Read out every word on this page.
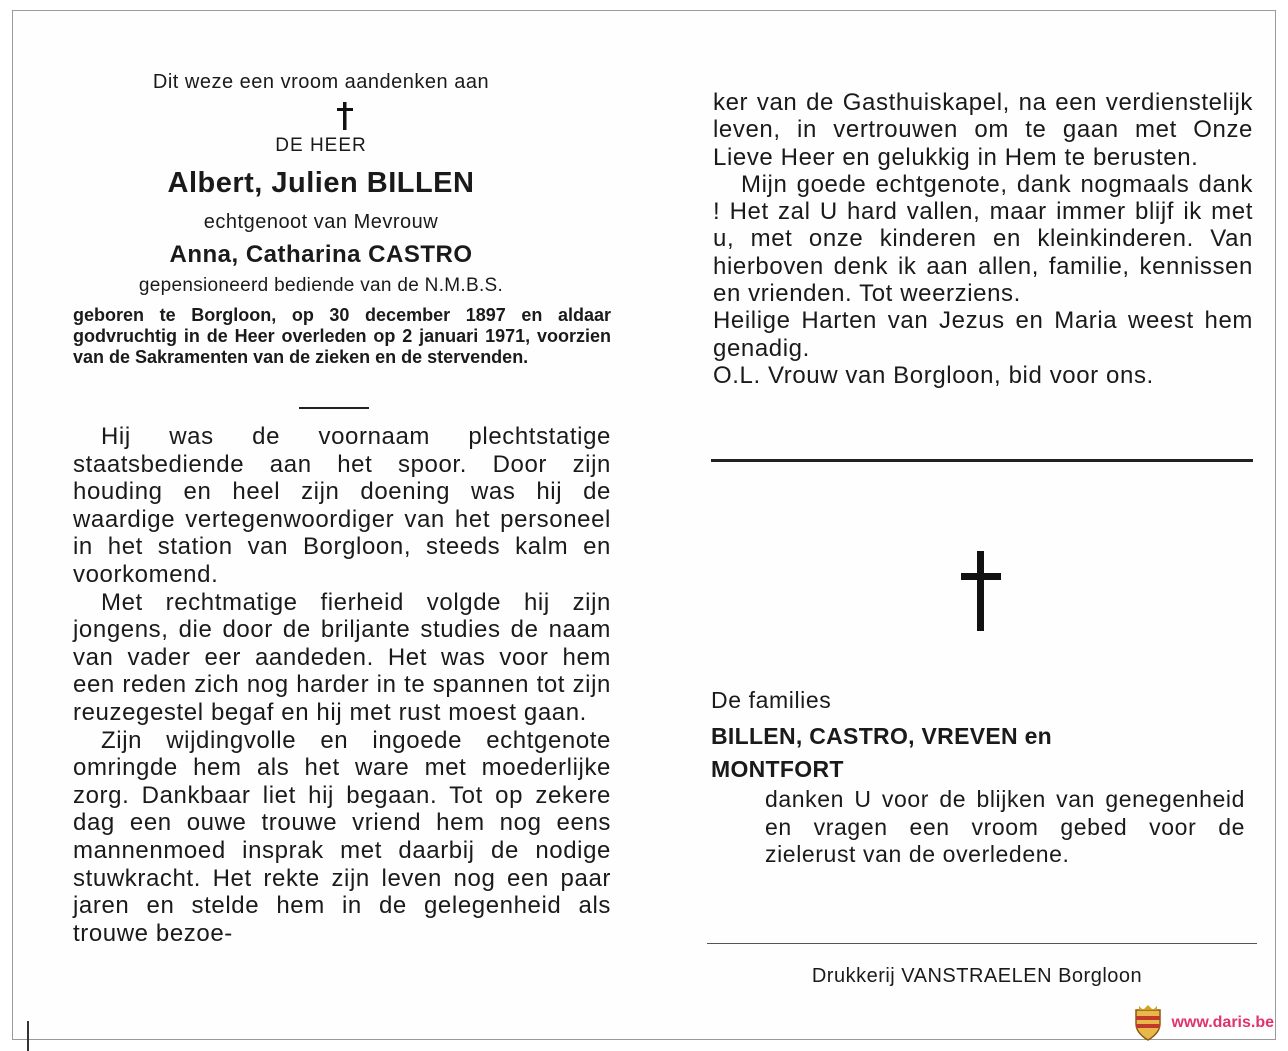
Dit weze een vroom aandenken aan
DE HEER
Albert, Julien BILLEN
echtgenoot van Mevrouw
Anna, Catharina CASTRO
gepensioneerd bediende van de N.M.B.S.
geboren te Borgloon, op 30 december 1897 en aldaar godvruchtig in de Heer overleden op 2 januari 1971, voorzien van de Sakramenten van de zieken en de stervenden.

Hij was de voornaam plechtstatige staatsbediende aan het spoor. Door zijn houding en heel zijn doening was hij de waardige vertegenwoordiger van het personeel in het station van Borgloon, steeds kalm en voorkomend.

Met rechtmatige fierheid volgde hij zijn jongens, die door de briljante studies de naam van vader eer aandeden. Het was voor hem een reden zich nog harder in te spannen tot zijn reuzegestel begaf en hij met rust moest gaan.

Zijn wijdingvolle en ingoede echtgenote omringde hem als het ware met moederlijke zorg. Dankbaar liet hij begaan. Tot op zekere dag een ouwe trouwe vriend hem nog eens mannenmoed insprak met daarbij de nodige stuwkracht. Het rekte zijn leven nog een paar jaren en stelde hem in de gelegenheid als trouwe bezoe-

ker van de Gasthuiskapel, na een verdienstelijk leven, in vertrouwen om te gaan met Onze Lieve Heer en gelukkig in Hem te berusten.

Mijn goede echtgenote, dank nogmaals dank ! Het zal U hard vallen, maar immer blijf ik met u, met onze kinderen en kleinkinderen. Van hierboven denk ik aan allen, familie, kennissen en vrienden. Tot weerziens.

Heilige Harten van Jezus en Maria weest hem genadig.

O.L. Vrouw van Borgloon, bid voor ons.

De families
BILLEN, CASTRO, VREVEN en MONTFORT
danken U voor de blijken van genegenheid en vragen een vroom gebed voor de zielerust van de overledene.
Drukkerij VANSTRAELEN Borgloon
www.daris.be
